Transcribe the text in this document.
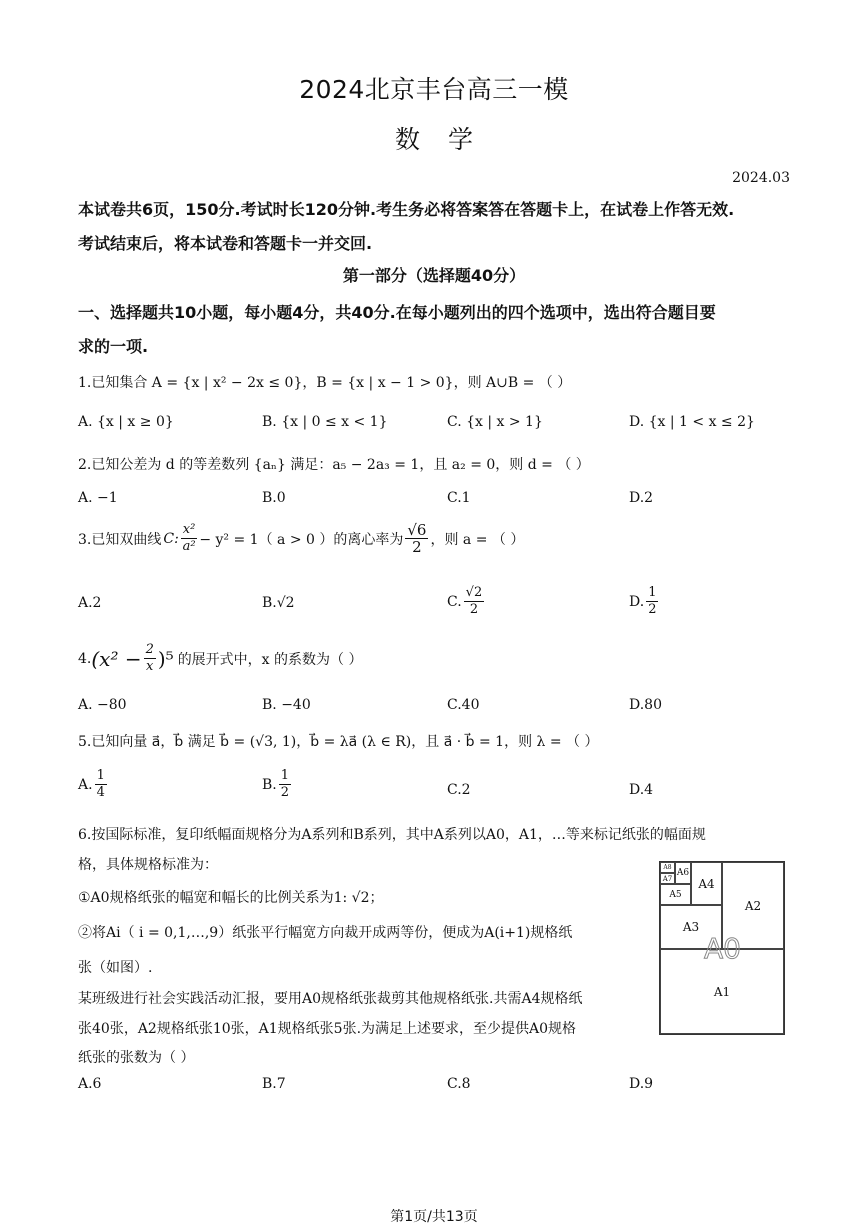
2024北京丰台高三一模
数学
2024.03
本试卷共6页，150分.考试时长120分钟.考生务必将答案答在答题卡上，在试卷上作答无效.
考试结束后，将本试卷和答题卡一并交回.
第一部分（选择题40分）
一、选择题共10小题，每小题4分，共40分.在每小题列出的四个选项中，选出符合题目要
求的一项.
1.已知集合 A = {x | x² − 2x ≤ 0}，B = {x | x − 1 > 0}，则 A∪B = （ ）
A. {x | x ≥ 0}	B. {x | 0 ≤ x < 1}	C. {x | x > 1}	D. {x | 1 < x ≤ 2}
2.已知公差为 d 的等差数列 {aₙ} 满足：a₅ − 2a₃ = 1，且 a₂ = 0，则 d = （ ）
A. −1	B.0	C.1	D.2
3.已知双曲线 C: $\frac{\text{x²}}{\text{a²}} - y^2 = 1$（ a > 0 ）的离心率为 $\frac{√6}{2}$ ，则 a = （ ）
A.2	B.√2	C. $\frac{√2}{2}$	D. $\frac{1}{2}$
4. $(x^2 - \frac{2}{x} )^5$ 的展开式中，x 的系数为（ ）
A. −80	B. −40	C.40	D.80
5.已知向量 a⃗，b⃗ 满足 b⃗ = (√3, 1)，b⃗ = λa⃗ (λ ∈ R)，且 a⃗ · b⃗ = 1，则 λ = （ ）
A. $\frac{1}{4}$	B. $\frac{1}{2}$	C.2	D.4
6.按国际标准，复印纸幅面规格分为A系列和B系列，其中A系列以A0，A1，…等来标记纸张的幅面规
格，具体规格标准为：
①A0规格纸张的幅宽和幅长的比例关系为1: √2；
②将Ai（ i = 0,1,…,9）纸张平行幅宽方向裁开成两等份，便成为A(i+1)规格纸
张（如图）.
某班级进行社会实践活动汇报，要用A0规格纸张裁剪其他规格纸张.共需A4规格纸
张40张，A2规格纸张10张，A1规格纸张5张.为满足上述要求，至少提供A0规格
纸张的张数为（ ）
A1
A2
A3
A4
A5
A6
A7
A8
A0
A.6	B.7	C.8	D.9
第1页/共13页
